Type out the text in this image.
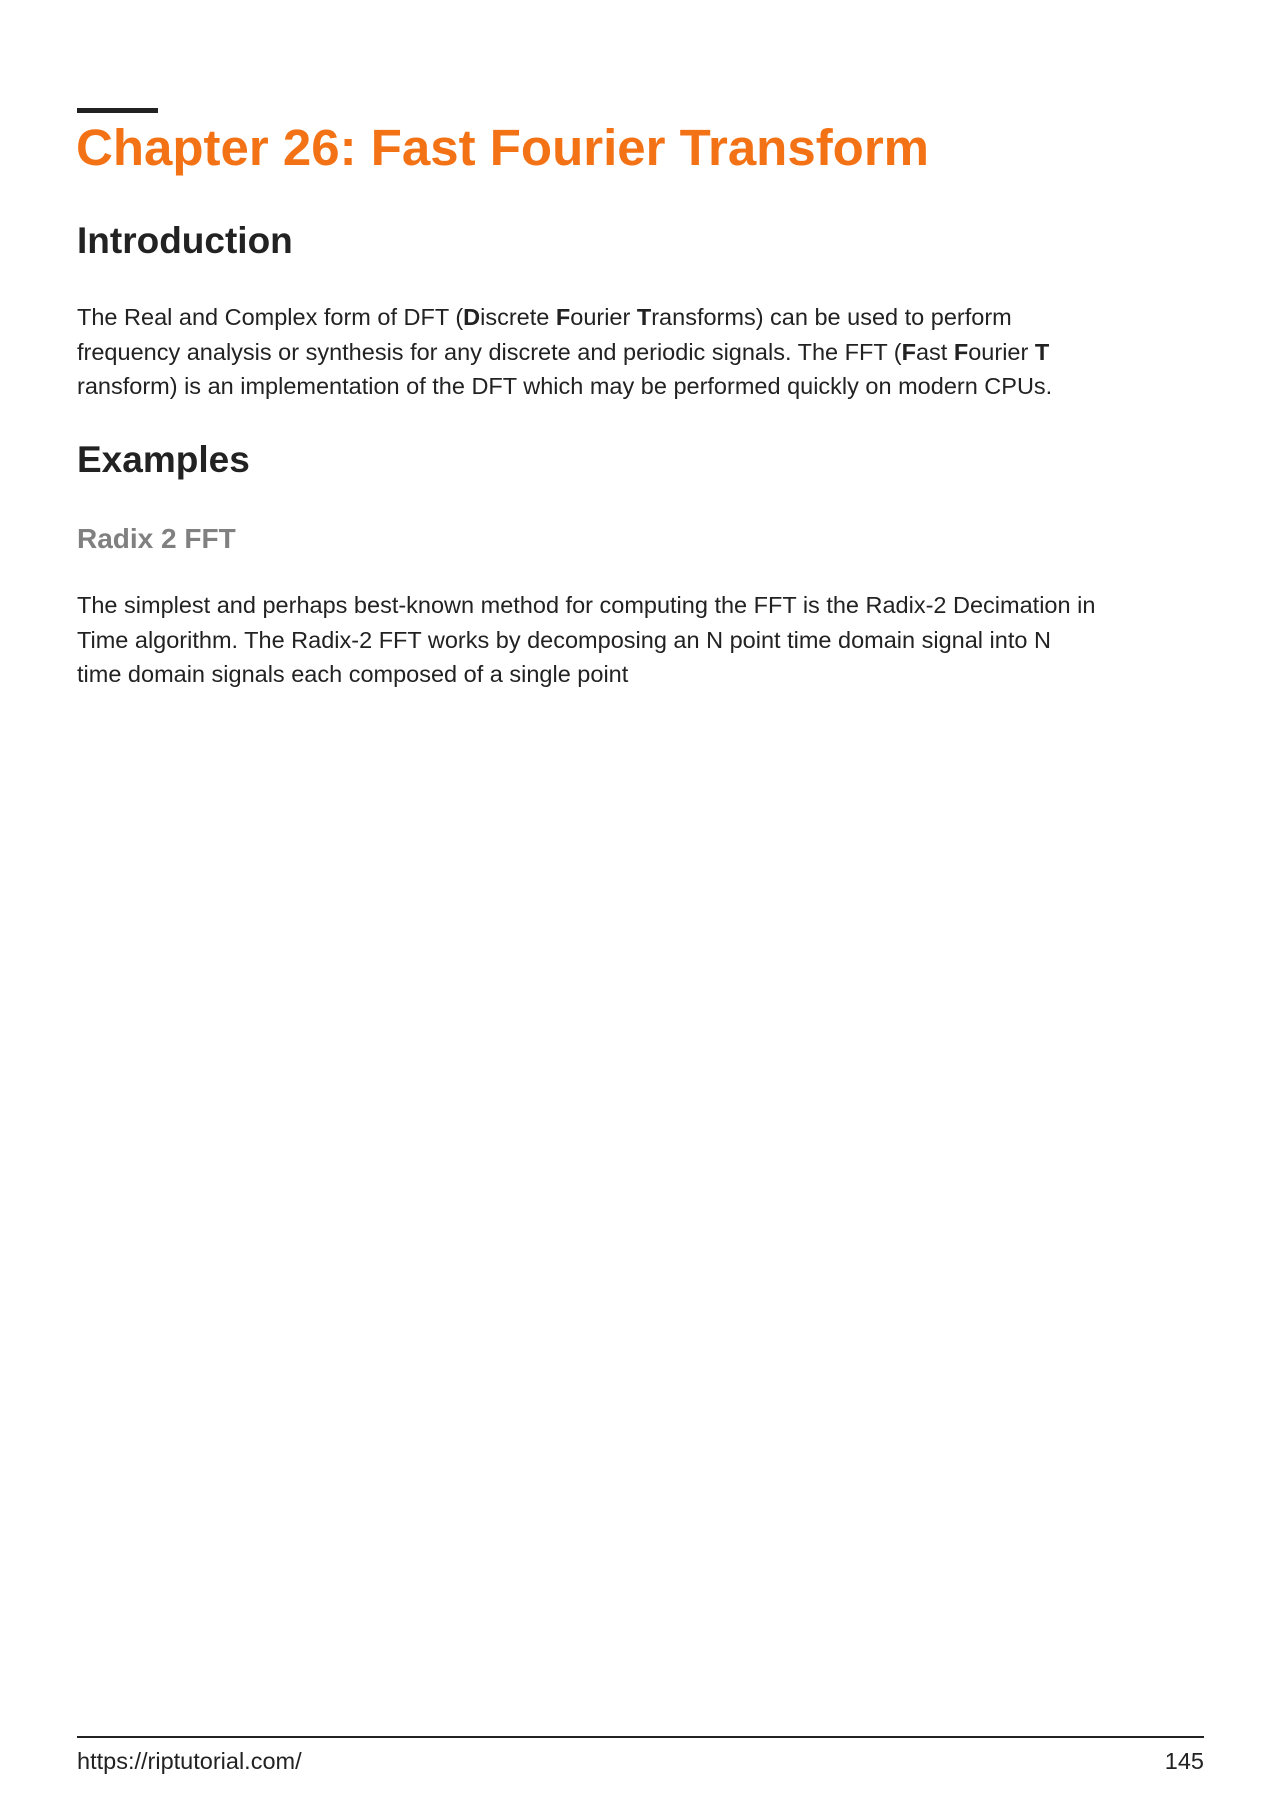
Chapter 26: Fast Fourier Transform
Introduction
The Real and Complex form of DFT (Discrete Fourier Transforms) can be used to perform
frequency analysis or synthesis for any discrete and periodic signals. The FFT (Fast Fourier T
ransform) is an implementation of the DFT which may be performed quickly on modern CPUs.
Examples
Radix 2 FFT
The simplest and perhaps best-known method for computing the FFT is the Radix-2 Decimation in
Time algorithm. The Radix-2 FFT works by decomposing an N point time domain signal into N
time domain signals each composed of a single point
https://riptutorial.com/	145
